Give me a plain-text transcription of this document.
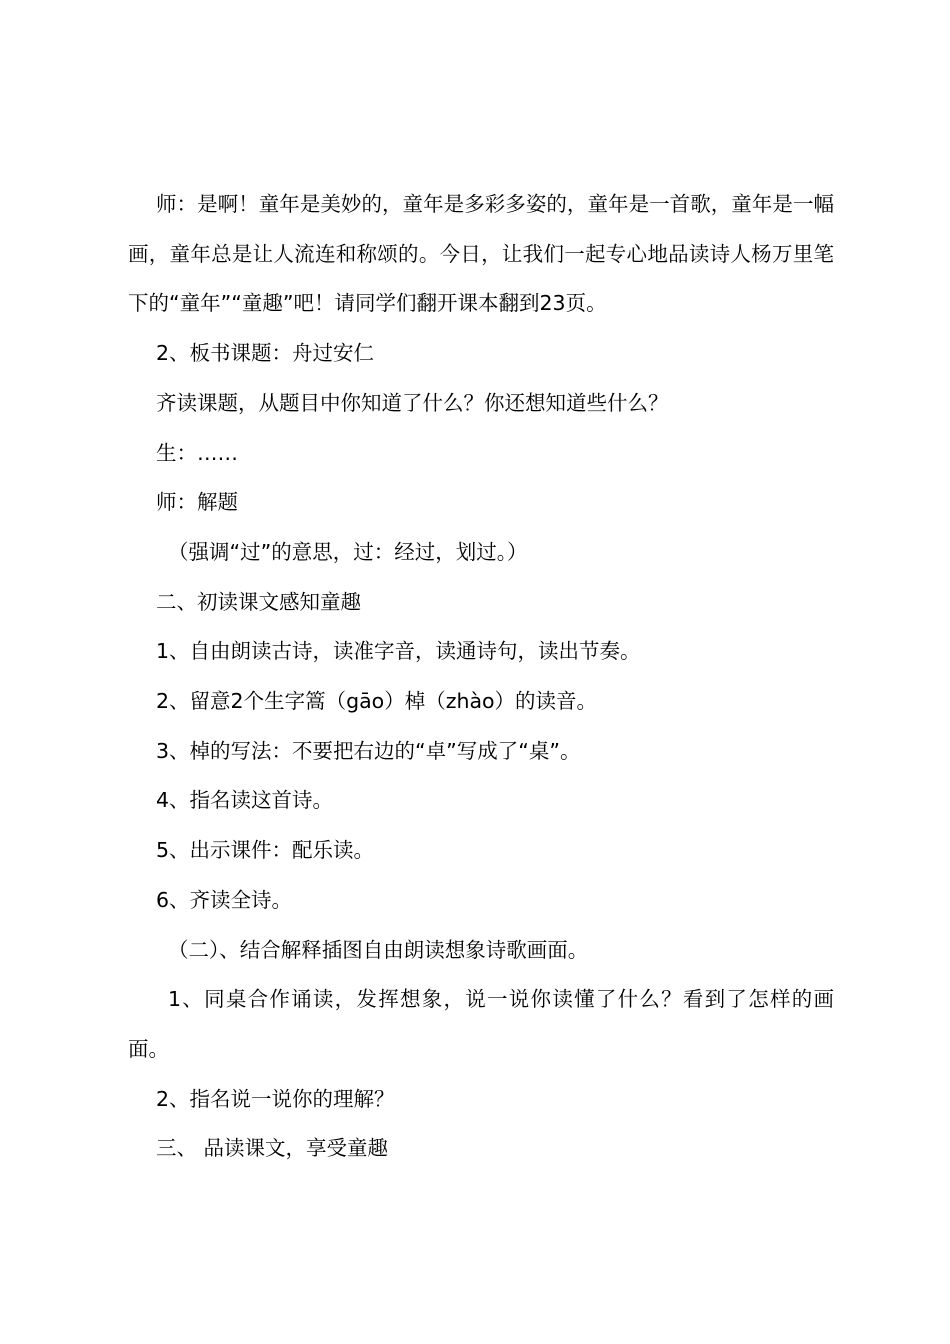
师：是啊！童年是美妙的，童年是多彩多姿的，童年是一首歌，童年是一幅画，童年总是让人流连和称颂的。今日，让我们一起专心地品读诗人杨万里笔下的“童年”“童趣”吧！请同学们翻开课本翻到23页。

2、板书课题：舟过安仁

齐读课题，从题目中你知道了什么？你还想知道些什么？

生：……

师：解题

（强调“过”的意思，过：经过，划过。）

二、初读课文感知童趣

1、自由朗读古诗，读准字音，读通诗句，读出节奏。

2、留意2个生字篙（gāo）棹（zhào）的读音。

3、棹的写法：不要把右边的“卓”写成了“桌”。

4、指名读这首诗。

5、出示课件：配乐读。

6、齐读全诗。

（二）、结合解释插图自由朗读想象诗歌画面。

1、同桌合作诵读，发挥想象，说一说你读懂了什么？看到了怎样的画面。

2、指名说一说你的理解？

三、 品读课文，享受童趣
